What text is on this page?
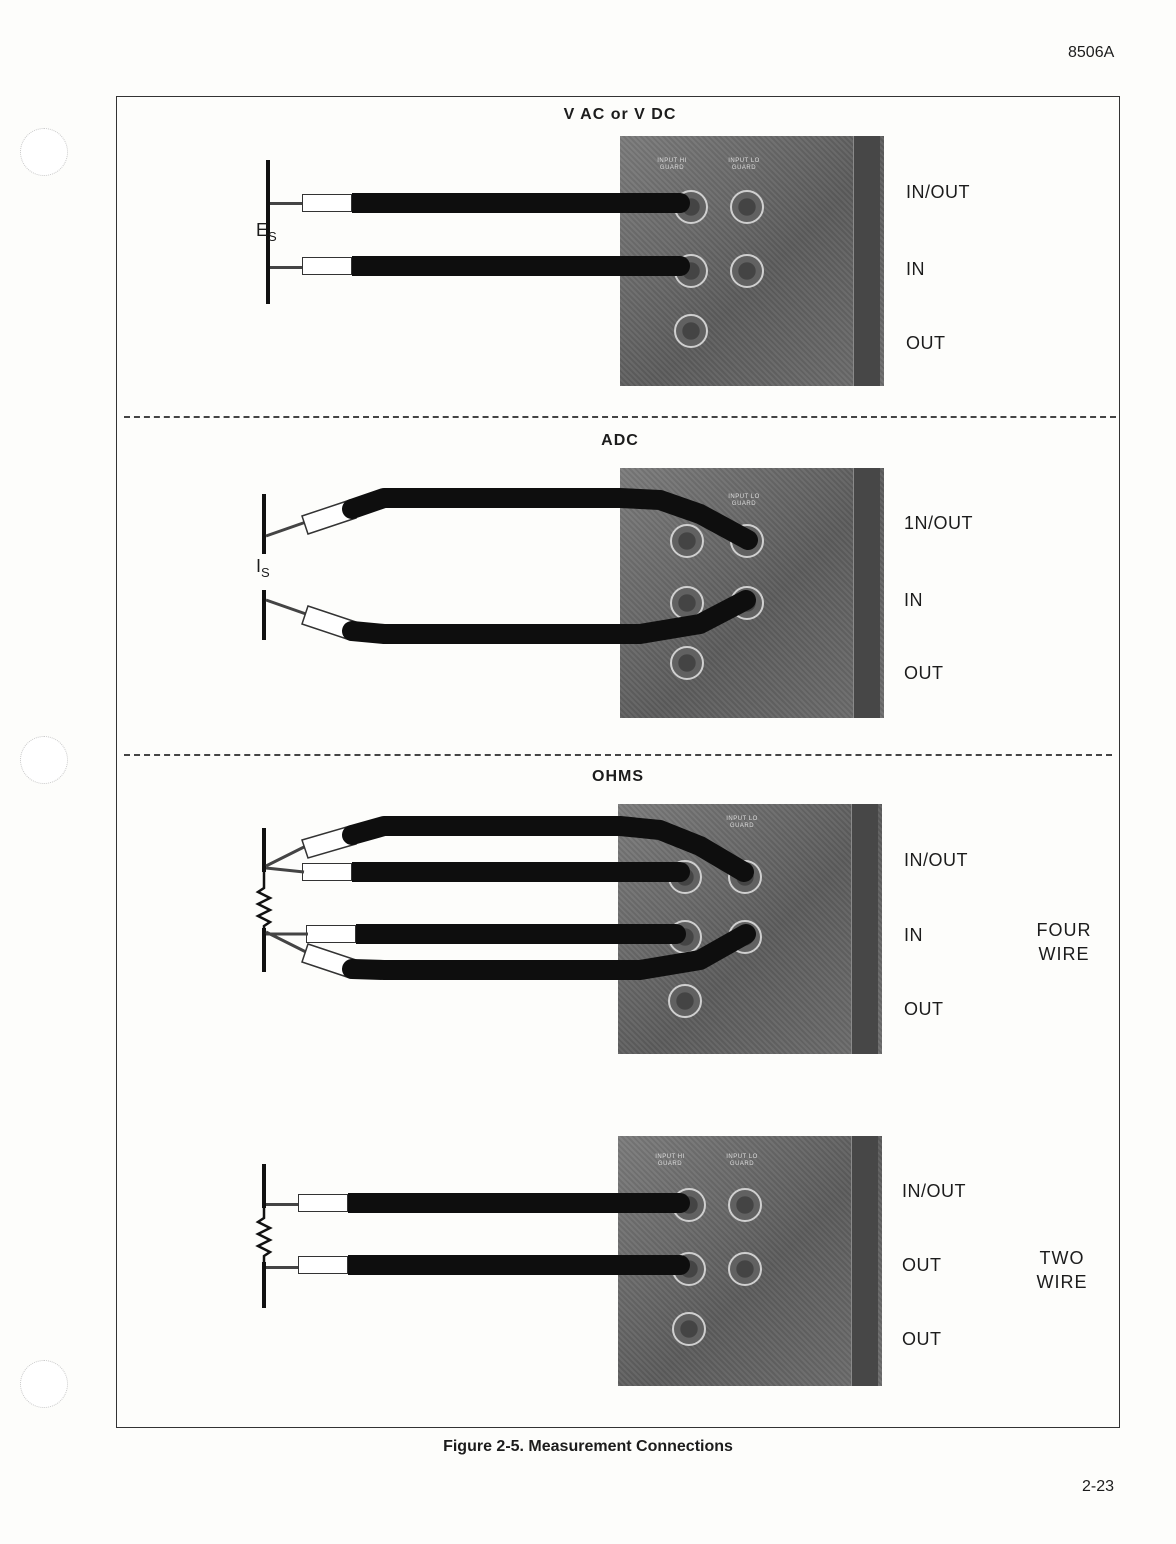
8506A
V AC or V DC
INPUT HI
GUARD
INPUT LO
GUARD
$E_S$
IN/OUT
IN
OUT
ADC
INPUT LO
GUARD
$I_S$
1N/OUT
IN
OUT
OHMS
INPUT LO
GUARD
IN/OUT
IN
OUT
FOUR
WIRE
INPUT HI
GUARD
INPUT LO
GUARD
IN/OUT
OUT
OUT
TWO
WIRE
Figure 2-5. Measurement Connections
2-23
